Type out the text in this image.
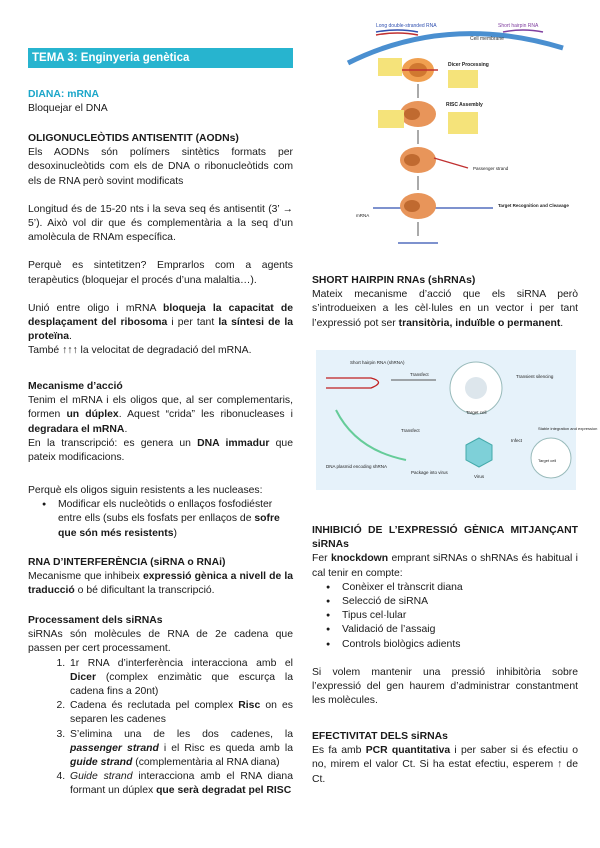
TEMA 3: Enginyeria genètica

DIANA: mRNA

Bloquejar el DNA

OLIGONUCLEÒTIDS ANTISENTIT (AODNs)

Els AODNs són polímers sintètics formats per desoxinucleòtids com els de DNA o ribonucleòtids com els de RNA però sovint modificats

Longitud és de 15-20 nts i la seva seq és antisentit (3’ → 5’). Això vol dir que és complementària a la seq d’un amolècula de RNAm específica.

Perquè es sintetitzen? Emprarlos com a agents terapèutics (bloquejar el procés d’una malaltia…).

Unió entre oligo i mRNA bloqueja la capacitat de desplaçament del ribosoma i per tant la síntesi de la proteïna.

També ↑↑↑ la velocitat de degradació del mRNA.

Mecanisme d’acció

Tenim el mRNA i els oligos que, al ser complementaris, formen un dúplex. Aquest “crida” les ribonucleases i degradara el mRNA.

En la transcripció: es genera un DNA immadur que pateix modificacions.

Perquè els oligos siguin resistents a les nucleases:

● Modificar els nucleòtids o enllaços fosfodiéster entre ells (subs els fosfats per enllaços de sofre que són més resistents)

RNA D’INTERFERÈNCIA (siRNA o RNAi)

Mecanisme que inhibeix expressió gènica a nivell de la traducció o bé dificultant la transcripció.

Processament dels siRNAs

siRNAs són molècules de RNA de 2e cadena que passen per cert processament.

1. 1r RNA d’interferència interacciona amb el Dicer (complex enzimàtic que escurça la cadena fins a 20nt)
2. Cadena és reclutada pel complex Risc on es separen les cadenes
3. S’elimina una de les dos cadenes, la passenger strand i el Risc es queda amb la guide strand (complementària al RNA diana)
4. Guide strand interacciona amb el RNA diana formant un dúplex que serà degradat pel RISC
Long double-stranded RNA	Short hairpin RNA
Cell membrane
Dicer Processing
RISC Assembly
Passenger strand
mRNA
Target Recognition and Cleavage

SHORT HAIRPIN RNAs (shRNAs)

Mateix mecanisme d’acció que els siRNA però s’introdueixen a les cèl·lules en un vector i per tant l’expressió pot ser transitòria, induïble o permanent.

Short hairpin RNA (shRNA)
Transfect	Transient silencing
Target cell
Transfect
DNA plasmid encoding shRNA
Package into virus
Virus
Infect
Stable integration and expression
Target cell

INHIBICIÓ DE L’EXPRESSIÓ GÈNICA MITJANÇANT siRNAs

Fer knockdown emprant siRNAs o shRNAs és habitual i cal tenir en compte:

● Conèixer el trànscrit diana
● Selecció de siRNA
● Tipus cel·lular
● Validació de l’assaig
● Controls biològics adients

Si volem mantenir una pressió inhibitòria sobre l’expressió del gen haurem d’administrar constantment les molècules.

EFECTIVITAT DELS siRNAs

Es fa amb PCR quantitativa i per saber si és efectiu o no, mirem el valor Ct. Si ha estat efectiu, esperem ↑ de Ct.
